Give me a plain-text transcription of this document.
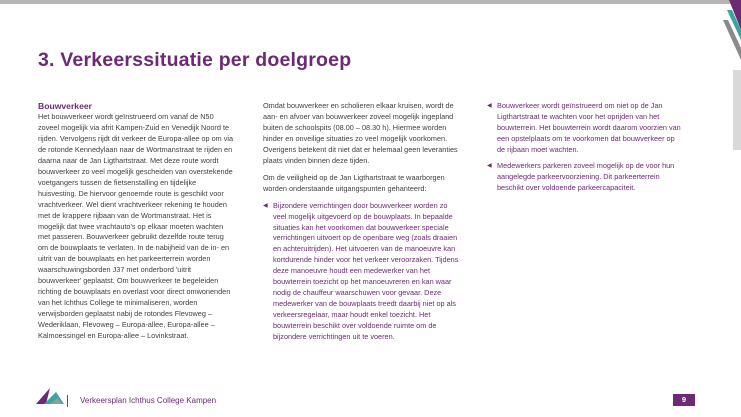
3. Verkeerssituatie per doelgroep

Bouwverkeer

Het bouwverkeer wordt geïnstrueerd om vanaf de N50
zoveel mogelijk via afrit Kampen-Zuid en Venedijk Noord te
rijden. Vervolgens rijdt dit verkeer de Europa-allee op om via
de rotonde Kennedylaan naar de Wortmanstraat te rijden en
daarna naar de Jan Ligthartstraat. Met deze route wordt
bouwverkeer zo veel mogelijk gescheiden van overstekende
voetgangers tussen de fietsenstalling en tijdelijke
huisvesting. De hiervoor genoemde route is geschikt voor
vrachtverkeer. Wel dient vrachtverkeer rekening te houden
met de krappere rijbaan van de Wortmanstraat. Het is
mogelijk dat twee vrachtauto's op elkaar moeten wachten
met passeren. Bouwverkeer gebruikt dezelfde route terug
om de bouwplaats te verlaten. In de nabijheid van de in- en
uitrit van de bouwplaats en het parkeerterrein worden
waarschuwingsborden J37 met onderbord 'uitrit
bouwverkeer' geplaatst. Om bouwverkeer te begeleiden
richting de bouwplaats en overlast voor direct omwonenden
van het Ichthus College te minimaliseren, worden
verwijsborden geplaatst nabij de rotondes Flevoweg –
Wederiklaan, Flevoweg – Europa-allee, Europa-allee –
Kalmoessingel en Europa-allee – Lovinkstraat.
Omdat bouwverkeer en scholieren elkaar kruisen, wordt de
aan- en afvoer van bouwverkeer zoveel mogelijk ingepland
buiten de schoolspits (08.00 – 08.30 h). Hiermee worden
hinder en onveilige situaties zo veel mogelijk voorkomen.
Overigens betekent dit niet dat er helemaal geen leveranties
plaats vinden binnen deze tijden.
Om de veiligheid op de Jan Ligthartstraat te waarborgen
worden onderstaande uitgangspunten gehanteerd:
◀ Bijzondere verrichtingen door bouwverkeer worden zo
veel mogelijk uitgevoerd op de bouwplaats. In bepaalde
situaties kan het voorkomen dat bouwverkeer speciale
verrichtingen uitvoert op de openbare weg (zoals draaien
en achteruitrijden). Het uitvoeren van de manoeuvre kan
kortdurende hinder voor het verkeer veroorzaken. Tijdens
deze manoeuvre houdt een medewerker van het
bouwterrein toezicht op het manoeuvreren en kan waar
nodig de chauffeur waarschuwen voor gevaar. Deze
medewerker van de bouwplaats treedt daarbij niet op als
verkeersregelaar, maar houdt enkel toezicht. Het
bouwterrein beschikt over voldoende ruimte om de
bijzondere verrichtingen uit te voeren.
◀ Bouwverkeer wordt geïnstrueerd om niet op de Jan
Ligthartstraat te wachten voor het oprijden van het
bouwterrein. Het bouwterrein wordt daarom voorzien van
een opstelplaats om te voorkomen dat bouwverkeer op
de rijbaan moet wachten.
◀ Medewerkers parkeren zoveel mogelijk op de voor hun
aangelegde parkeervoorziening. Dit parkeerterrein
beschikt over voldoende parkeercapaciteit.
Verkeersplan Ichthus College Kampen	9
